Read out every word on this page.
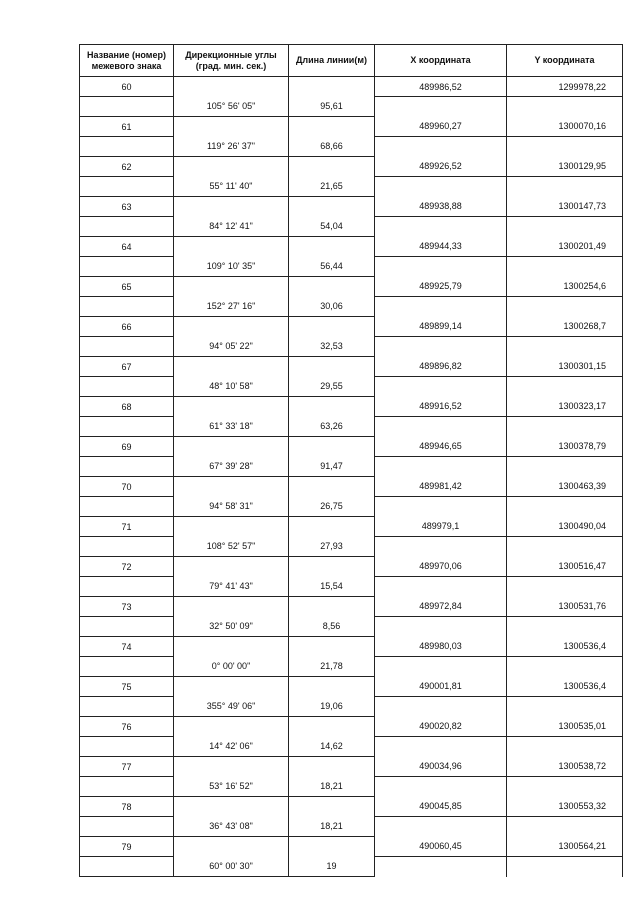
Название (номер) межевого знака	Дирекционные углы (град. мин. сек.)	Длина линии(м)	X координата	Y координата
60			489986,52	1299978,22
	105° 56' 05"	95,61		
61			489960,27	1300070,16
	119° 26' 37"	68,66		
62			489926,52	1300129,95
	55° 11' 40"	21,65		
63			489938,88	1300147,73
	84° 12' 41"	54,04		
64			489944,33	1300201,49
	109° 10' 35"	56,44		
65			489925,79	1300254,6
	152° 27' 16"	30,06		
66			489899,14	1300268,7
	94° 05' 22"	32,53		
67			489896,82	1300301,15
	48° 10' 58"	29,55		
68			489916,52	1300323,17
	61° 33' 18"	63,26		
69			489946,65	1300378,79
	67° 39' 28"	91,47		
70			489981,42	1300463,39
	94° 58' 31"	26,75		
71			489979,1	1300490,04
	108° 52' 57"	27,93		
72			489970,06	1300516,47
	79° 41' 43"	15,54		
73			489972,84	1300531,76
	32° 50' 09"	8,56		
74			489980,03	1300536,4
	0° 00' 00"	21,78		
75			490001,81	1300536,4
	355° 49' 06"	19,06		
76			490020,82	1300535,01
	14° 42' 06"	14,62		
77			490034,96	1300538,72
	53° 16' 52"	18,21		
78			490045,85	1300553,32
	36° 43' 08"	18,21		
79			490060,45	1300564,21
	60° 00' 30"	19		
